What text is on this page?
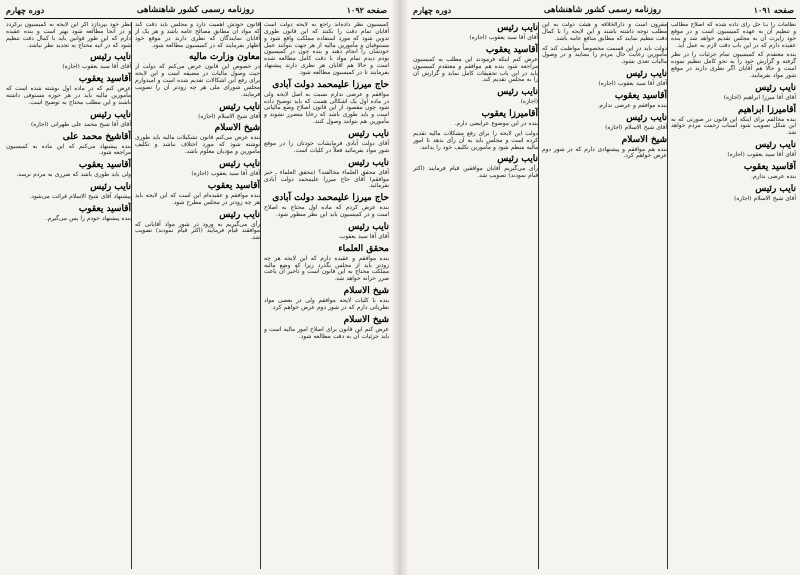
صفحه ۱۰۹۲
روزنامه رسمی کشور شاهنشاهی
دوره چهارم
کمیسیون نظر داده‌اند راجع به لایحه دولت است آقایان تمام دقت را بکنند که این قانون طوری تدوین شود که مورد استفاده مملکت واقع شود و مستوفیان و مأمورین مالیه از هر جهت بتوانند عمل خودشان را انجام دهند و بنده چون در کمیسیون بودم دیدم تمام مواد با دقت کامل مطالعه شده است و حالا هم آقایان هر نظری دارند پیشنهاد بفرمایند تا در کمیسیون مطالعه شود.
حاج میرزا علیمحمد دولت آبادی
موافقم و عرضی ندارم نسبت به اصل لایحه ولی در ماده اول یک اشکالی هست که باید توضیح داده شود چون مقصود از این قانون اصلاح وضع مالیاتی است و باید طوری باشد که رعایا متضرر نشوند و مأمورین هم بتوانند وصول کنند.
نایب رئیس
آقای دولت آبادی فرمایشات خودتان را در موقع شور مواد بفرمائید فعلاً در کلیات است.
نایب رئیس
آقای محقق العلماء مخالفند؟ (محقق العلماء ـ خیر موافقم) آقای حاج میرزا علیمحمد دولت آبادی بفرمائید.
حاج میرزا علیمحمد دولت آبادی
بنده عرض کردم که ماده اول محتاج به اصلاح است و در کمیسیون باید این نظر منظور شود.
نایب رئیس
آقای آقا سید یعقوب.
محقق العلماء
بنده موافقم و عقیده دارم که این لایحه هر چه زودتر باید از مجلس بگذرد زیرا که وضع مالیه مملکت محتاج به این قانون است و تأخیر آن باعث ضرر خزانه خواهد شد.
شیخ الاسلام
بنده با کلیات لایحه موافقم ولی در بعضی مواد نظریاتی دارم که در شور دوم عرض خواهم کرد.
شیخ الاسلام
عرض کنم این قانون برای اصلاح امور مالیه است و باید جزئیات آن به دقت مطالعه شود.
قانون خودش اهمیت دارد و مجلس باید دقت کند که مواد آن مطابق مصالح عامه باشد و هر یک از آقایان نمایندگان که نظری دارند در موقع خود اظهار بفرمایند که در کمیسیون مطالعه شود.
معاون وزارت مالیه
در خصوص این قانون عرض می‌کنم که دولت از حیث وصول مالیات در مضیقه است و این لایحه برای رفع این اشکالات تقدیم شده است و امیدوارم مجلس شورای ملی هر چه زودتر آن را تصویب فرمایند.
نایب رئیس
آقای شیخ الاسلام (اجازه)
شیخ الاسلام
بنده عرض می‌کنم قانون تشکیلات مالیه باید طوری نوشته شود که مورد اختلاف نباشد و تکلیف مأمورین و مؤدیان معلوم باشد.
نایب رئیس
آقای آقا سید یعقوب (اجازه)
آقاسید یعقوب
بنده موافقم و عقیده‌ام این است که این لایحه باید هر چه زودتر در مجلس مطرح شود.
نایب رئیس
رأی می‌گیریم به ورود در شور مواد آقایانی که موافقند قیام فرمایند (اکثر قیام نمودند) تصویب شد.
نظر خود بپردازد اگر این لایحه به کمیسیون برگردد و در آنجا مطالعه شود بهتر است و بنده عقیده دارم که این طور قوانین باید با کمال دقت تنظیم شود که در آتیه محتاج به تجدید نظر نباشد.
نایب رئیس
آقای آقا سید یعقوب (اجازه)
آقاسید یعقوب
عرض کنم که در ماده اول نوشته شده است که مأمورین مالیه باید در هر حوزه مستوفی داشته باشند و این مطلب محتاج به توضیح است.
نایب رئیس
آقای آقا شیخ محمد علی طهرانی (اجازه)
آقاشیخ محمد علی
بنده پیشنهاد می‌کنم که این ماده به کمیسیون مراجعه شود.
آقاسید یعقوب
ولی باید طوری باشد که ضرری به مردم نرسد.
نایب رئیس
پیشنهاد آقای شیخ الاسلام قرائت می‌شود.
آقاسید یعقوب
بنده پیشنهاد خودم را پس می‌گیرم.
صفحه ۱۰۹۱
روزنامه رسمی کشور شاهنشاهی
دوره چهارم
نظامات را بـا حل رأی داده شده که اصلاح مطالب و تنظیم آن به عهده کمیسیون است و در موقع خود راپرت آن به مجلس تقدیم خواهد شد و بنده عقیده دارم که در این باب دقت لازم به عمل آید.
بنده معتقدم که کمیسیون تمام جزئیات را در نظر گرفته و گزارش خود را به نحو کامل تنظیم نموده است و حالا هم آقایان اگر نظری دارند در موقع شور مواد بفرمایند.
نایب رئیس
آقای آقا میرزا ابراهیم (اجازه)
آقامیرزا ابراهیم
بنده مخالفم برای اینکه این قانون در صورتی که به این شکل تصویب شود اسباب زحمت مردم خواهد شد.
نایب رئیس
آقای آقا سید یعقوب (اجازه)
آقاسید یعقوب
بنده عرضی ندارم.
نایب رئیس
آقای شیخ الاسلام (اجازه)
مقرون است و دارالخلافه و هیئت دولت به این مطلب توجه داشته باشند و این لایحه را با کمال دقت تنظیم نمایند که مطابق منافع عامه باشد.
دولت باید در این قسمت مخصوصاً مواظبت کند که مأمورین رعایت حال مردم را بنمایند و در وصول مالیات تعدی نشود.
نایب رئیس
آقای آقا سید یعقوب (اجازه)
آقاسید یعقوب
بنده موافقم و عرضی ندارم.
نایب رئیس
آقای شیخ الاسلام (اجازه)
شیخ الاسلام
بنده هم موافقم و پیشنهادی دارم که در شور دوم عرض خواهم کرد.
نایب رئیس
آقای آقا سید یعقوب (اجازه)
آقاسید یعقوب
عرض کنم اینکه فرمودند این مطلب به کمیسیون مراجعه شود بنده هم موافقم و معتقدم کمیسیون باید در این باب تحقیقات کامل نماید و گزارش آن را به مجلس تقدیم کند.
نایب رئیس
(اجازه)
آقامیرزا یعقوب
بنده در این موضوع عرایضی دارم.
دولت این لایحه را برای رفع مشکلات مالیه تقدیم کرده است و مجلس باید به آن رأی بدهد تا امور مالیه منظم شود و مأمورین تکلیف خود را بدانند.
نایب رئیس
رأی می‌گیریم آقایان موافقین قیام فرمایند (اکثر قیام نمودند) تصویب شد.
